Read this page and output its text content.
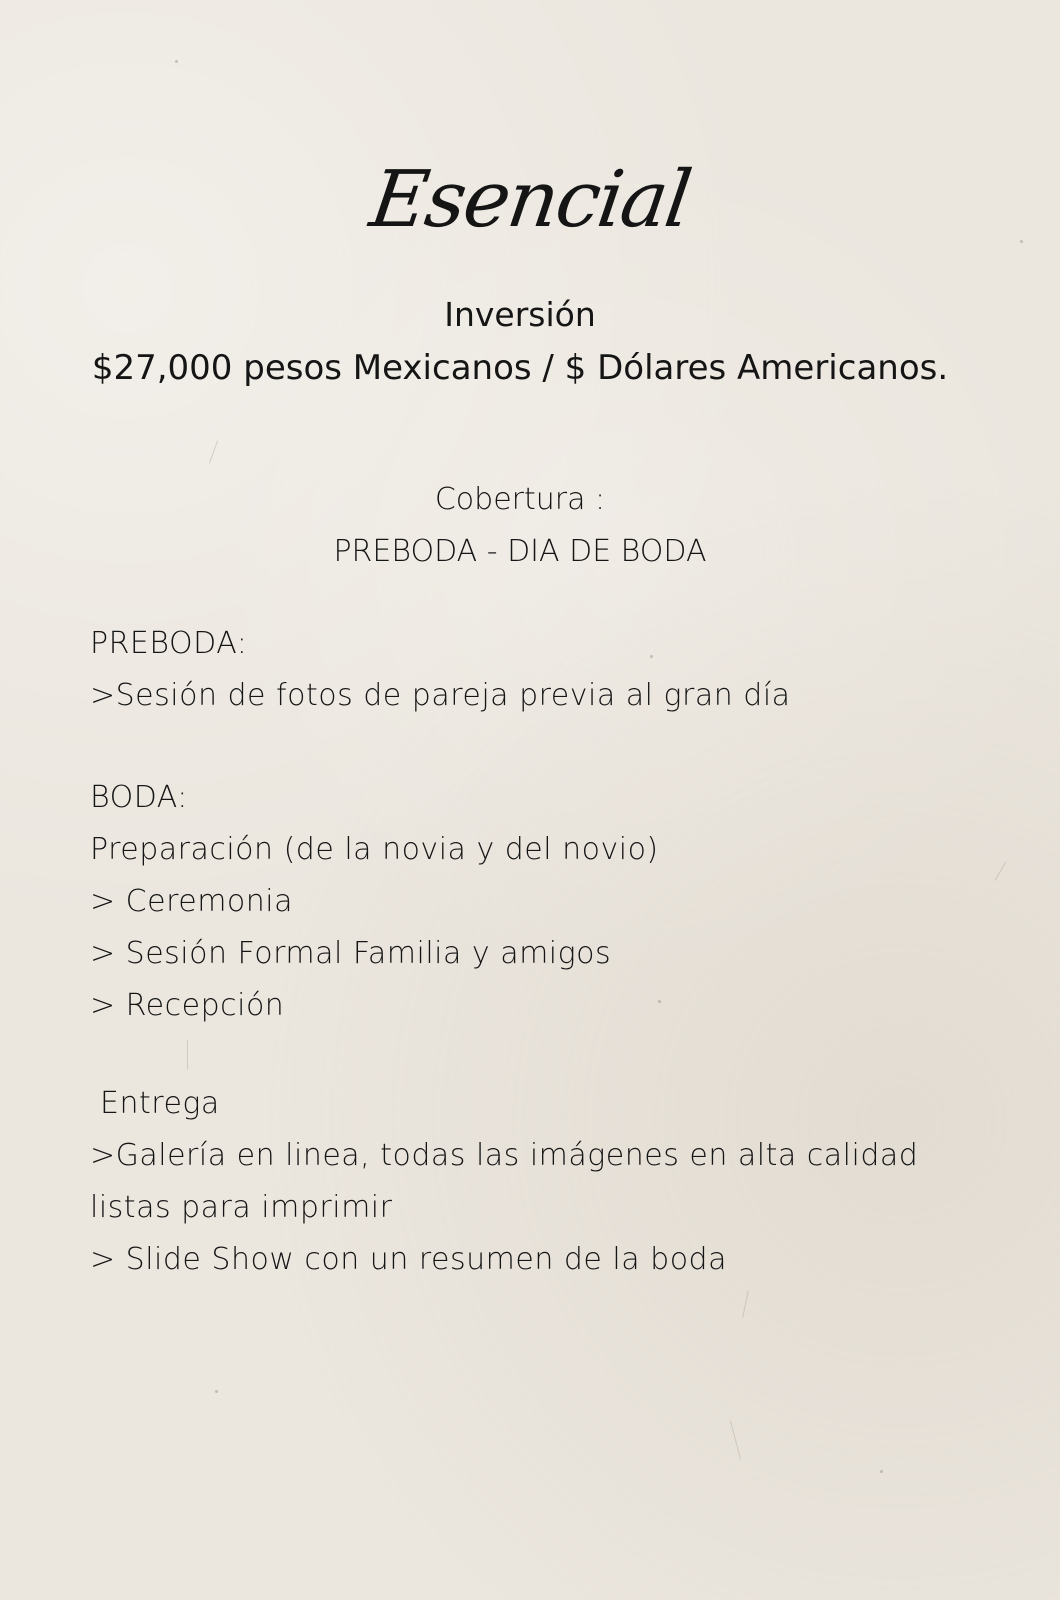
Esencial
Inversión
$27,000 pesos Mexicanos / $ Dólares Americanos.
Cobertura :
PREBODA - DIA DE BODA
PREBODA:
>Sesión de fotos de pareja previa al gran día
BODA:
Preparación (de la novia y del novio)
> Ceremonia
> Sesión Formal Familia y amigos
> Recepción
Entrega
>Galería en linea, todas las imágenes en alta calidad
listas para imprimir
> Slide Show con un resumen de la boda
